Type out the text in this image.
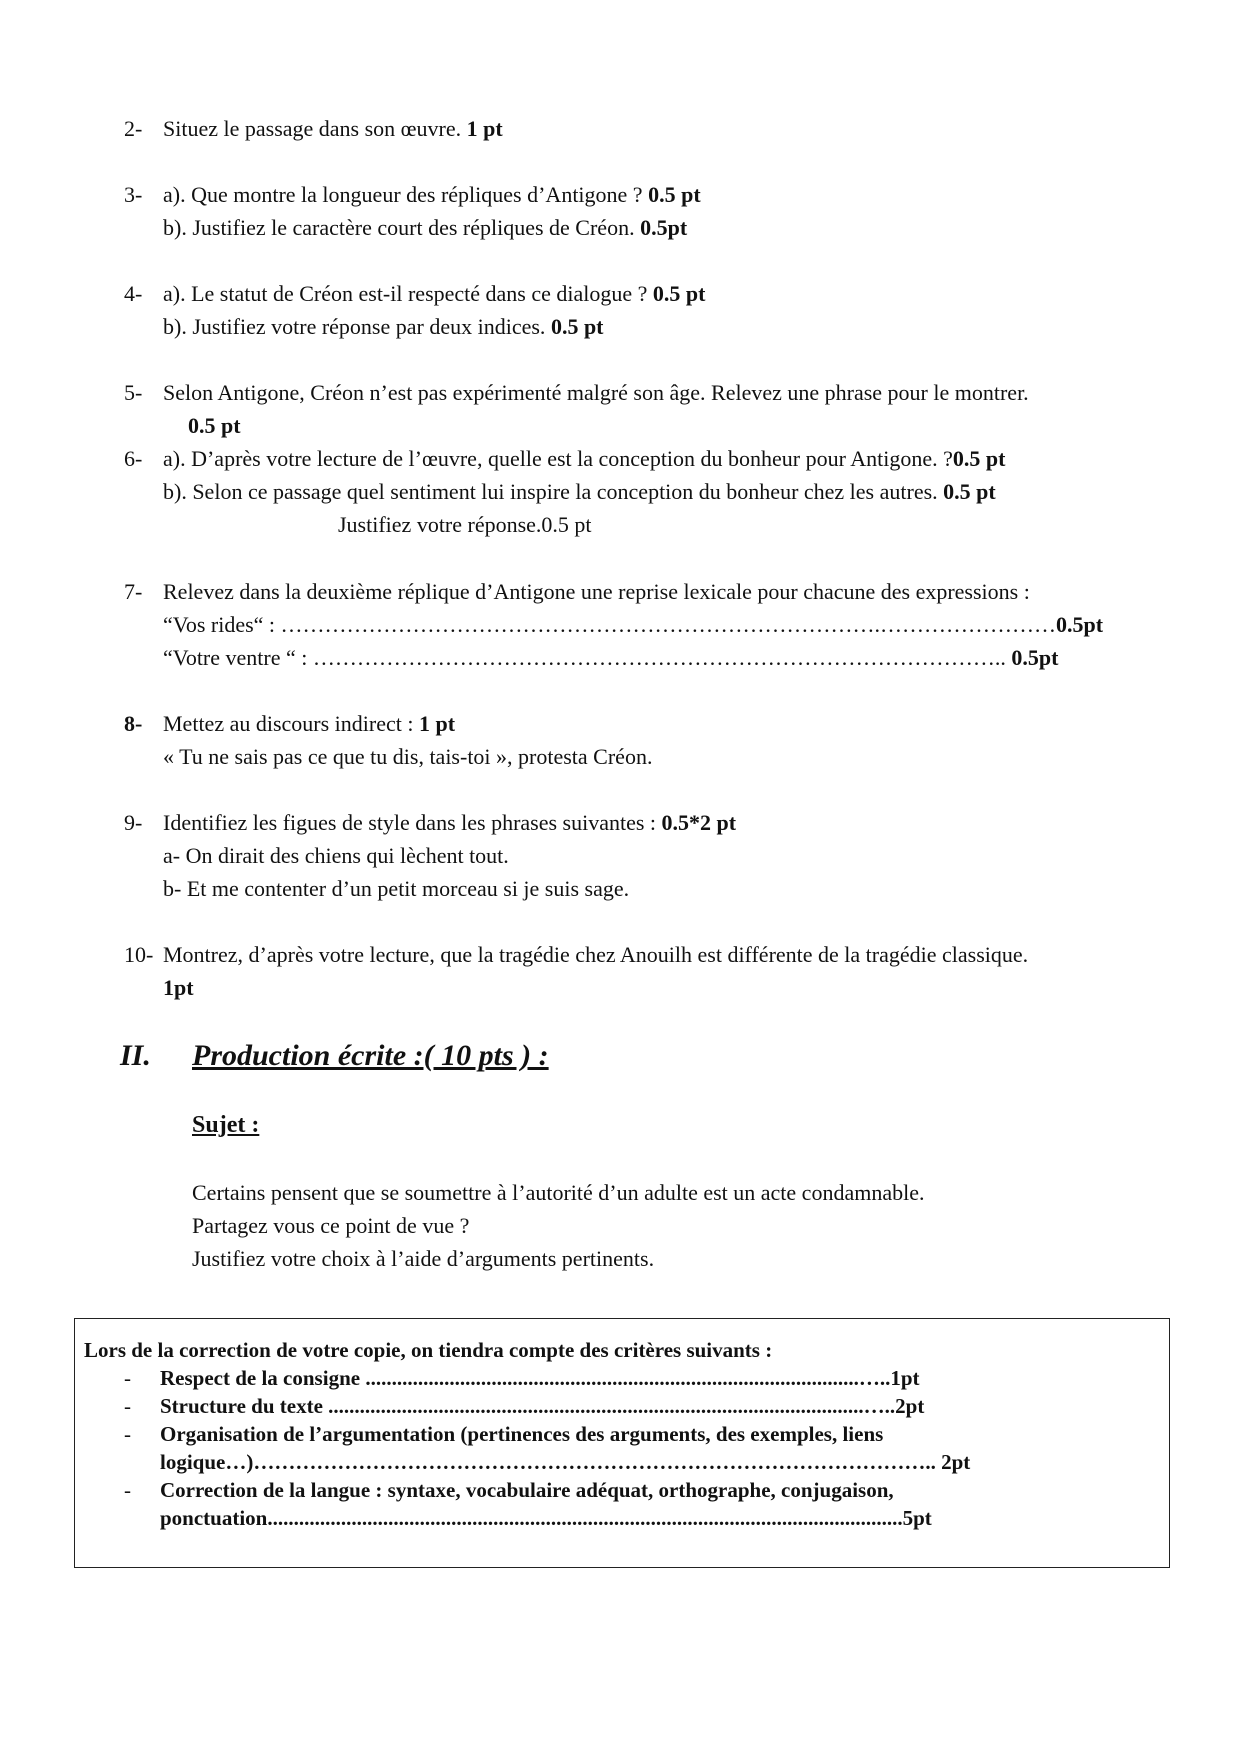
2- Situez le passage dans son œuvre. 1 pt
3- a). Que montre la longueur des répliques d’Antigone ? 0.5 pt
b). Justifiez le caractère court des répliques de Créon. 0.5pt
4- a). Le statut de Créon est-il respecté dans ce dialogue ? 0.5 pt
b). Justifiez votre réponse par deux indices. 0.5 pt
5- Selon Antigone, Créon n’est pas expérimenté malgré son âge. Relevez une phrase pour le montrer.
0.5 pt
6- a). D’après votre lecture de l’œuvre, quelle est la conception du bonheur pour Antigone. ?0.5 pt
b). Selon ce passage quel sentiment lui inspire la conception du bonheur chez les autres. 0.5 pt
Justifiez votre réponse.0.5 pt
7- Relevez dans la deuxième réplique d’Antigone une reprise lexicale pour chacune des expressions :
“Vos rides“ : ……………………………………………………………………….……………………0.5pt
“Votre ventre “ : ………………………………………………………………………………….. 0.5pt
8- Mettez au discours indirect : 1 pt
« Tu ne sais pas ce que tu dis, tais-toi », protesta Créon.
9- Identifiez les figues de style dans les phrases suivantes : 0.5*2 pt
a- On dirait des chiens qui lèchent tout.
b- Et me contenter d’un petit morceau si je suis sage.
10- Montrez, d’après votre lecture, que la tragédie chez Anouilh est différente de la tragédie classique.
1pt
II. Production écrite :( 10 pts ) :
Sujet :
Certains pensent que se soumettre à l’autorité d’un adulte est un acte condamnable.
Partagez vous ce point de vue ?
Justifiez votre choix à l’aide d’arguments pertinents.
Lors de la correction de votre copie, on tiendra compte des critères suivants :
- Respect de la consigne ..............................................................................................…..1pt
- Structure du texte ......................................................................................................…..2pt
- Organisation de l’argumentation (pertinences des arguments, des exemples, liens
logique…)…………………………………………………………………………………….. 2pt
- Correction de la langue : syntaxe, vocabulaire adéquat, orthographe, conjugaison,
ponctuation.........................................................................................................................5pt
